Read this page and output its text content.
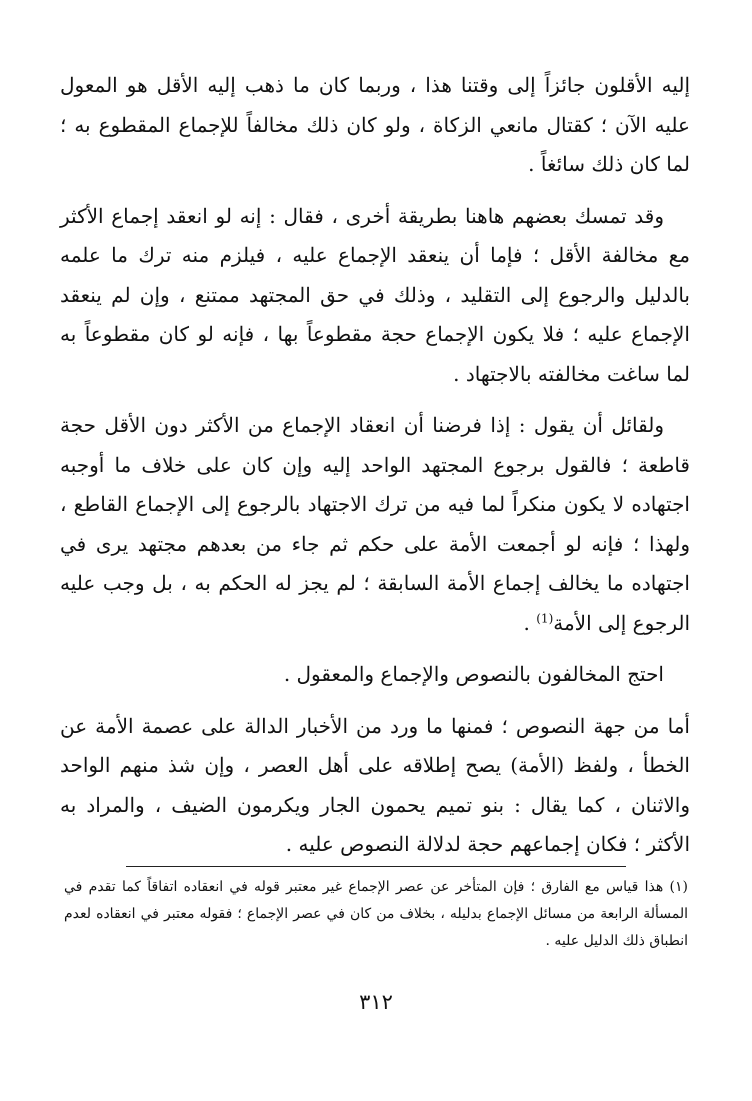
إليه الأقلون جائزاً إلى وقتنا هذا ، وربما كان ما ذهب إليه الأقل هو المعول عليه الآن ؛ كقتال مانعي الزكاة ، ولو كان ذلك مخالفاً للإجماع المقطوع به ؛ لما كان ذلك سائغاً .

وقد تمسك بعضهم هاهنا بطريقة أخرى ، فقال : إنه لو انعقد إجماع الأكثر مع مخالفة الأقل ؛ فإما أن ينعقد الإجماع عليه ، فيلزم منه ترك ما علمه بالدليل والرجوع إلى التقليد ، وذلك في حق المجتهد ممتنع ، وإن لم ينعقد الإجماع عليه ؛ فلا يكون الإجماع حجة مقطوعاً بها ، فإنه لو كان مقطوعاً به لما ساغت مخالفته بالاجتهاد .

ولقائل أن يقول : إذا فرضنا أن انعقاد الإجماع من الأكثر دون الأقل حجة قاطعة ؛ فالقول برجوع المجتهد الواحد إليه وإن كان على خلاف ما أوجبه اجتهاده لا يكون منكراً لما فيه من ترك الاجتهاد بالرجوع إلى الإجماع القاطع ، ولهذا ؛ فإنه لو أجمعت الأمة على حكم ثم جاء من بعدهم مجتهد يرى في اجتهاده ما يخالف إجماع الأمة السابقة ؛ لم يجز له الحكم به ، بل وجب عليه الرجوع إلى الأمة$^{(1)}$ .

احتج المخالفون بالنصوص والإجماع والمعقول .

أما من جهة النصوص ؛ فمنها ما ورد من الأخبار الدالة على عصمة الأمة عن الخطأ ، ولفظ (الأمة) يصح إطلاقه على أهل العصر ، وإن شذ منهم الواحد والاثنان ، كما يقال : بنو تميم يحمون الجار ويكرمون الضيف ، والمراد به الأكثر ؛ فكان إجماعهم حجة لدلالة النصوص عليه .

(١) هذا قياس مع الفارق ؛ فإن المتأخر عن عصر الإجماع غير معتبر قوله في انعقاده اتفاقاً كما تقدم في المسألة الرابعة من مسائل الإجماع بدليله ، بخلاف من كان في عصر الإجماع ؛ فقوله معتبر في انعقاده لعدم انطباق ذلك الدليل عليه .
٣١٢
